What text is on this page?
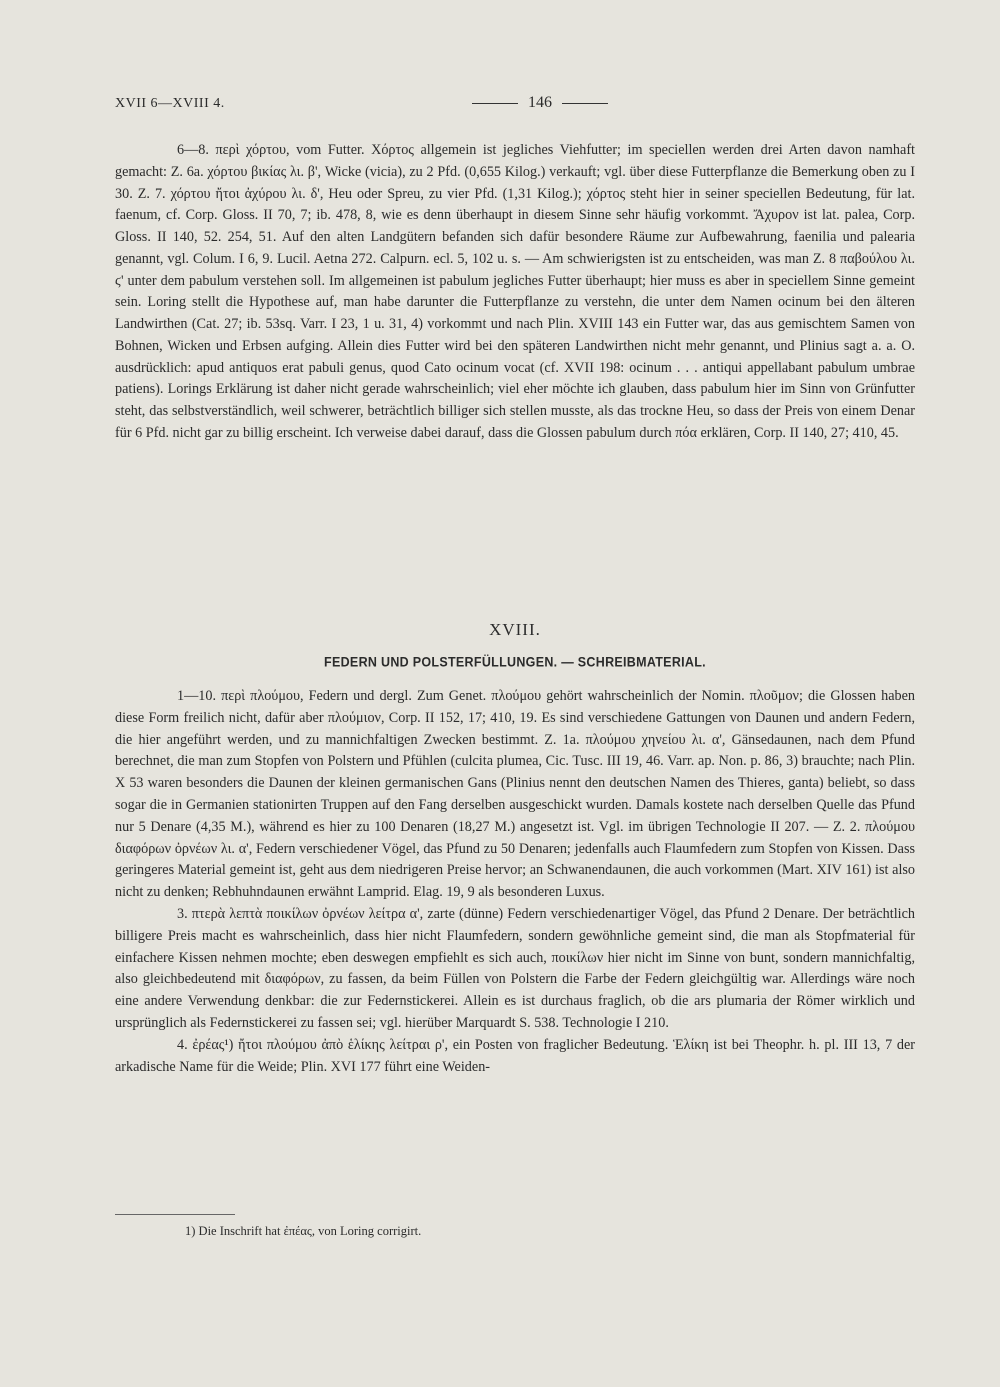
XVII 6—XVIII 4.	146

6—8. περὶ χόρτου, vom Futter. Χόρτος allgemein ist jegliches Viehfutter; im speciellen werden drei Arten davon namhaft gemacht: Z. 6a. χόρτου βικίας λι. β', Wicke (vicia), zu 2 Pfd. (0,655 Kilog.) verkauft; vgl. über diese Futterpflanze die Bemerkung oben zu I 30. Z. 7. χόρτου ἤτοι ἀχύρου λι. δ', Heu oder Spreu, zu vier Pfd. (1,31 Kilog.); χόρτος steht hier in seiner speciellen Bedeutung, für lat. faenum, cf. Corp. Gloss. II 70, 7; ib. 478, 8, wie es denn überhaupt in diesem Sinne sehr häufig vorkommt. Ἄχυρον ist lat. palea, Corp. Gloss. II 140, 52. 254, 51. Auf den alten Landgütern befanden sich dafür besondere Räume zur Aufbewahrung, faenilia und palearia genannt, vgl. Colum. I 6, 9. Lucil. Aetna 272. Calpurn. ecl. 5, 102 u. s. — Am schwierigsten ist zu entscheiden, was man Z. 8 παβούλου λι. ϛ' unter dem pabulum verstehen soll. Im allgemeinen ist pabulum jegliches Futter überhaupt; hier muss es aber in speciellem Sinne gemeint sein. Loring stellt die Hypothese auf, man habe darunter die Futterpflanze zu verstehn, die unter dem Namen ocinum bei den älteren Landwirthen (Cat. 27; ib. 53sq. Varr. I 23, 1 u. 31, 4) vorkommt und nach Plin. XVIII 143 ein Futter war, das aus gemischtem Samen von Bohnen, Wicken und Erbsen aufging. Allein dies Futter wird bei den späteren Landwirthen nicht mehr genannt, und Plinius sagt a. a. O. ausdrücklich: apud antiquos erat pabuli genus, quod Cato ocinum vocat (cf. XVII 198: ocinum . . . antiqui appellabant pabulum umbrae patiens). Lorings Erklärung ist daher nicht gerade wahrscheinlich; viel eher möchte ich glauben, dass pabulum hier im Sinn von Grünfutter steht, das selbstverständlich, weil schwerer, beträchtlich billiger sich stellen musste, als das trockne Heu, so dass der Preis von einem Denar für 6 Pfd. nicht gar zu billig erscheint. Ich verweise dabei darauf, dass die Glossen pabulum durch πόα erklären, Corp. II 140, 27; 410, 45.

XVIII.
FEDERN UND POLSTERFÜLLUNGEN. — SCHREIBMATERIAL.

1—10. περὶ πλούμου, Federn und dergl. Zum Genet. πλούμου gehört wahrscheinlich der Nomin. πλοῦμον; die Glossen haben diese Form freilich nicht, dafür aber πλούμιον, Corp. II 152, 17; 410, 19. Es sind verschiedene Gattungen von Daunen und andern Federn, die hier angeführt werden, und zu mannichfaltigen Zwecken bestimmt. Z. 1a. πλούμου χηνείου λι. α', Gänsedaunen, nach dem Pfund berechnet, die man zum Stopfen von Polstern und Pfühlen (culcita plumea, Cic. Tusc. III 19, 46. Varr. ap. Non. p. 86, 3) brauchte; nach Plin. X 53 waren besonders die Daunen der kleinen germanischen Gans (Plinius nennt den deutschen Namen des Thieres, ganta) beliebt, so dass sogar die in Germanien stationirten Truppen auf den Fang derselben ausgeschickt wurden. Damals kostete nach derselben Quelle das Pfund nur 5 Denare (4,35 M.), während es hier zu 100 Denaren (18,27 M.) angesetzt ist. Vgl. im übrigen Technologie II 207. — Z. 2. πλούμου διαφόρων ὀρνέων λι. α', Federn verschiedener Vögel, das Pfund zu 50 Denaren; jedenfalls auch Flaumfedern zum Stopfen von Kissen. Dass geringeres Material gemeint ist, geht aus dem niedrigeren Preise hervor; an Schwanendaunen, die auch vorkommen (Mart. XIV 161) ist also nicht zu denken; Rebhuhndaunen erwähnt Lamprid. Elag. 19, 9 als besonderen Luxus.

3. πτερὰ λεπτὰ ποικίλων ὀρνέων λείτρα α', zarte (dünne) Federn verschiedenartiger Vögel, das Pfund 2 Denare. Der beträchtlich billigere Preis macht es wahrscheinlich, dass hier nicht Flaumfedern, sondern gewöhnliche gemeint sind, die man als Stopfmaterial für einfachere Kissen nehmen mochte; eben deswegen empfiehlt es sich auch, ποικίλων hier nicht im Sinne von bunt, sondern mannichfaltig, also gleichbedeutend mit διαφόρων, zu fassen, da beim Füllen von Polstern die Farbe der Federn gleichgültig war. Allerdings wäre noch eine andere Verwendung denkbar: die zur Federnstickerei. Allein es ist durchaus fraglich, ob die ars plumaria der Römer wirklich und ursprünglich als Federnstickerei zu fassen sei; vgl. hierüber Marquardt S. 538. Technologie I 210.

4. ἐρέας¹) ἤτοι πλούμου ἀπὸ ἑλίκης λείτραι ρ', ein Posten von fraglicher Bedeutung. Ἑλίκη ist bei Theophr. h. pl. III 13, 7 der arkadische Name für die Weide; Plin. XVI 177 führt eine Weiden-

1) Die Inschrift hat ἐπέας, von Loring corrigirt.
